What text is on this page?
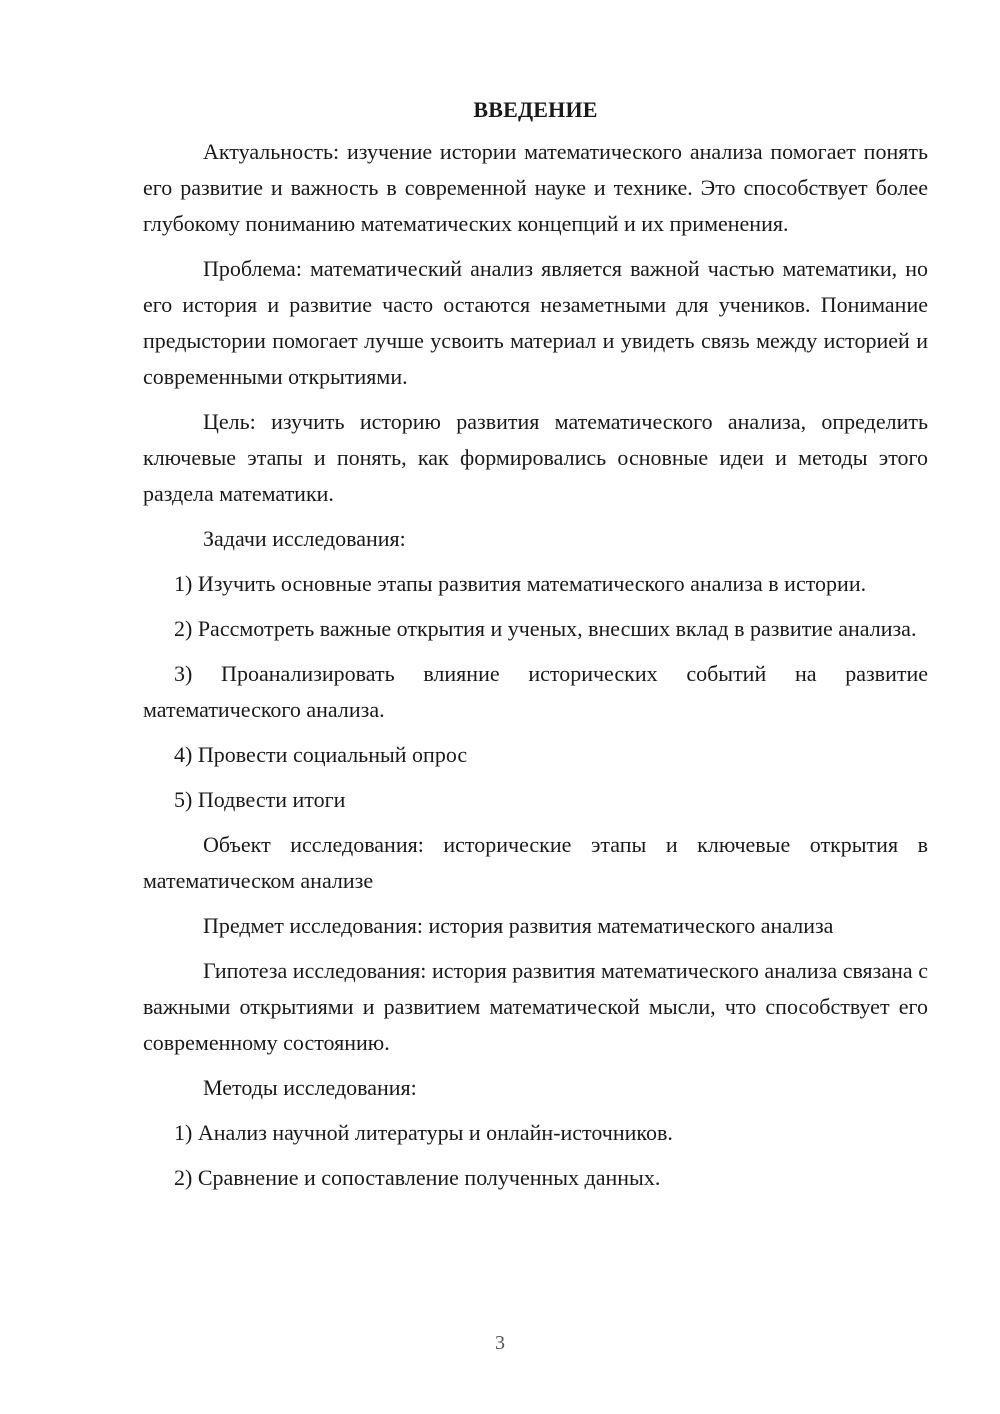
ВВЕДЕНИЕ

Актуальность: изучение истории математического анализа помогает понять его развитие и важность в современной науке и технике. Это способствует более глубокому пониманию математических концепций и их применения.

Проблема: математический анализ является важной частью математики, но его история и развитие часто остаются незаметными для учеников. Понимание предыстории помогает лучше усвоить материал и увидеть связь между историей и современными открытиями.

Цель: изучить историю развития математического анализа, определить ключевые этапы и понять, как формировались основные идеи и методы этого раздела математики.

Задачи исследования:

1) Изучить основные этапы развития математического анализа в истории.

2) Рассмотреть важные открытия и ученых, внесших вклад в развитие анализа.

3) Проанализировать влияние исторических событий на развитие математического анализа.

4) Провести социальный опрос

5) Подвести итоги

Объект исследования: исторические этапы и ключевые открытия в математическом анализе

Предмет исследования: история развития математического анализа

Гипотеза исследования: история развития математического анализа связана с важными открытиями и развитием математической мысли, что способствует его современному состоянию.

Методы исследования:

1) Анализ научной литературы и онлайн-источников.

2) Сравнение и сопоставление полученных данных.

3
